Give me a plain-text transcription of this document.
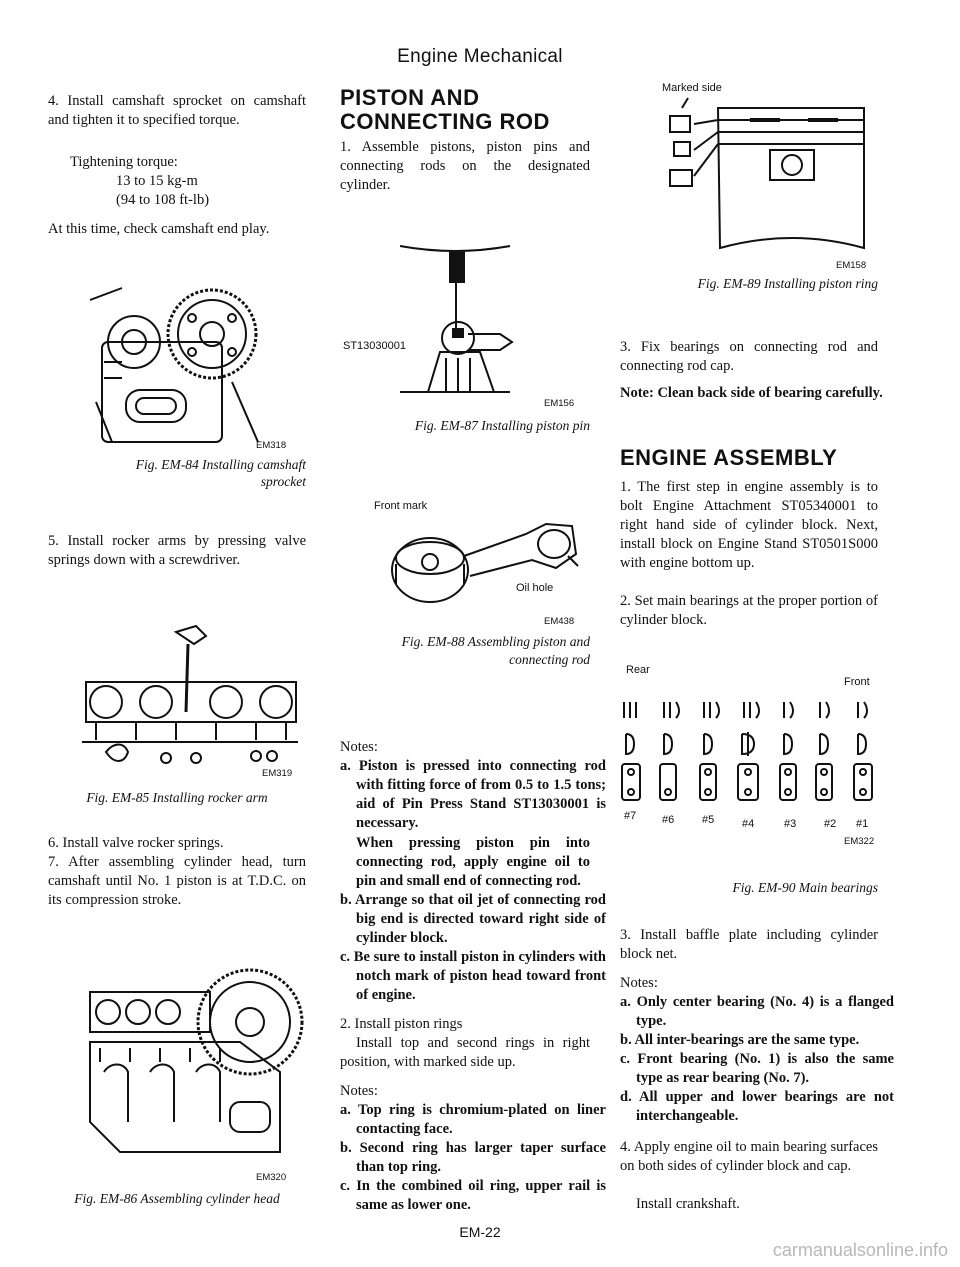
Engine Mechanical

4. Install camshaft sprocket on camshaft and tighten it to specified torque.

Tightening torque:

13 to 15 kg-m

(94 to 108 ft-lb)

At this time, check camshaft end play.

EM318
Fig. EM-84 Installing camshaft
sprocket

5. Install rocker arms by pressing valve springs down with a screwdriver.

EM319
Fig. EM-85 Installing rocker arm

6. Install valve rocker springs.

7. After assembling cylinder head, turn camshaft until No. 1 piston is at T.D.C. on its compression stroke.

EM320
Fig. EM-86 Assembling cylinder head
PISTON AND
CONNECTING ROD

1. Assemble pistons, piston pins and connecting rods on the designated cylinder.

ST13030001
EM156
Fig. EM-87 Installing piston pin
Front mark
Oil hole
EM438
Fig. EM-88 Assembling piston and
connecting rod

Notes:

a. Piston is pressed into connecting rod with fitting force of from 0.5 to 1.5 tons; aid of Pin Press Stand ST13030001 is necessary.

When pressing piston pin into connecting rod, apply engine oil to pin and small end of connecting rod.

b. Arrange so that oil jet of connecting rod big end is directed toward right side of cylinder block.

c. Be sure to install piston in cylinders with notch mark of piston head toward front of engine.

2. Install piston rings

Install top and second rings in right position, with marked side up.

Notes:

a. Top ring is chromium-plated on liner contacting face.

b. Second ring has larger taper surface than top ring.

c. In the combined oil ring, upper rail is same as lower one.

Marked side
EM158
Fig. EM-89 Installing piston ring

3. Fix bearings on connecting rod and connecting rod cap.

Note: Clean back side of bearing carefully.

ENGINE ASSEMBLY

1. The first step in engine assembly is to bolt Engine Attachment ST05340001 to right hand side of cylinder block. Next, install block on Engine Stand ST0501S000 with engine bottom up.

2. Set main bearings at the proper portion of cylinder block.

Rear
Front
#7 #6	#5	#4	#3	#2 #1
EM322
Fig. EM-90 Main bearings

3. Install baffle plate including cylinder block net.

Notes:

a. Only center bearing (No. 4) is a flanged type.

b. All inter-bearings are the same type.

c. Front bearing (No. 1) is also the same type as rear bearing (No. 7).

d. All upper and lower bearings are not interchangeable.

4. Apply engine oil to main bearing surfaces on both sides of cylinder block and cap.

Install crankshaft.

EM-22
carmanualsonline.info
